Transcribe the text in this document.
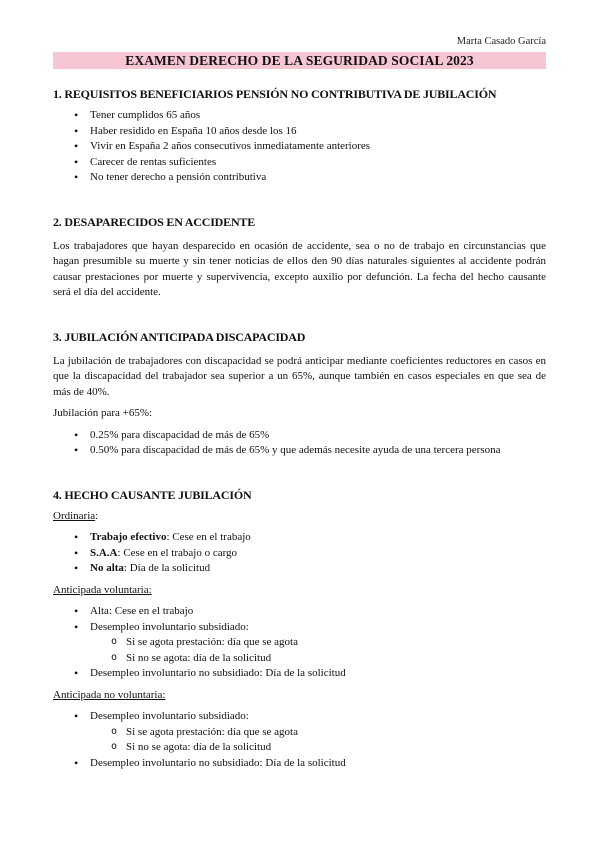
Marta Casado García
EXAMEN DERECHO DE LA SEGURIDAD SOCIAL 2023
1. REQUISITOS BENEFICIARIOS PENSIÓN NO CONTRIBUTIVA DE JUBILACIÓN
• Tener cumplidos 65 años
• Haber residido en España 10 años desde los 16
• Vivir en España 2 años consecutivos inmediatamente anteriores
• Carecer de rentas suficientes
• No tener derecho a pensión contributiva
2. DESAPARECIDOS EN ACCIDENTE

Los trabajadores que hayan desparecido en ocasión de accidente, sea o no de trabajo en circunstancias que hagan presumible su muerte y sin tener noticias de ellos den 90 días naturales siguientes al accidente podrán causar prestaciones por muerte y supervivencia, excepto auxilio por defunción. La fecha del hecho causante será el día del accidente.

3. JUBILACIÓN ANTICIPADA DISCAPACIDAD

La jubilación de trabajadores con discapacidad se podrá anticipar mediante coeficientes reductores en casos en que la discapacidad del trabajador sea superior a un 65%, aunque también en casos especiales en que sea de más de 40%.

Jubilación para +65%:

• 0.25% para discapacidad de más de 65%
• 0.50% para discapacidad de más de 65% y que además necesite ayuda de una tercera persona
4. HECHO CAUSANTE JUBILACIÓN

Ordinaria:

• Trabajo efectivo: Cese en el trabajo
• S.A.A: Cese en el trabajo o cargo
• No alta: Día de la solicitud

Anticipada voluntaria:

• Alta: Cese en el trabajo
• Desempleo involuntario subsidiado:
o Si se agota prestación: día que se agota
o Si no se agota: día de la solicitud
• Desempleo involuntario no subsidiado: Día de la solicitud

Anticipada no voluntaria:

• Desempleo involuntario subsidiado:
o Si se agota prestación: día que se agota
o Si no se agota: día de la solicitud
• Desempleo involuntario no subsidiado: Día de la solicitud
